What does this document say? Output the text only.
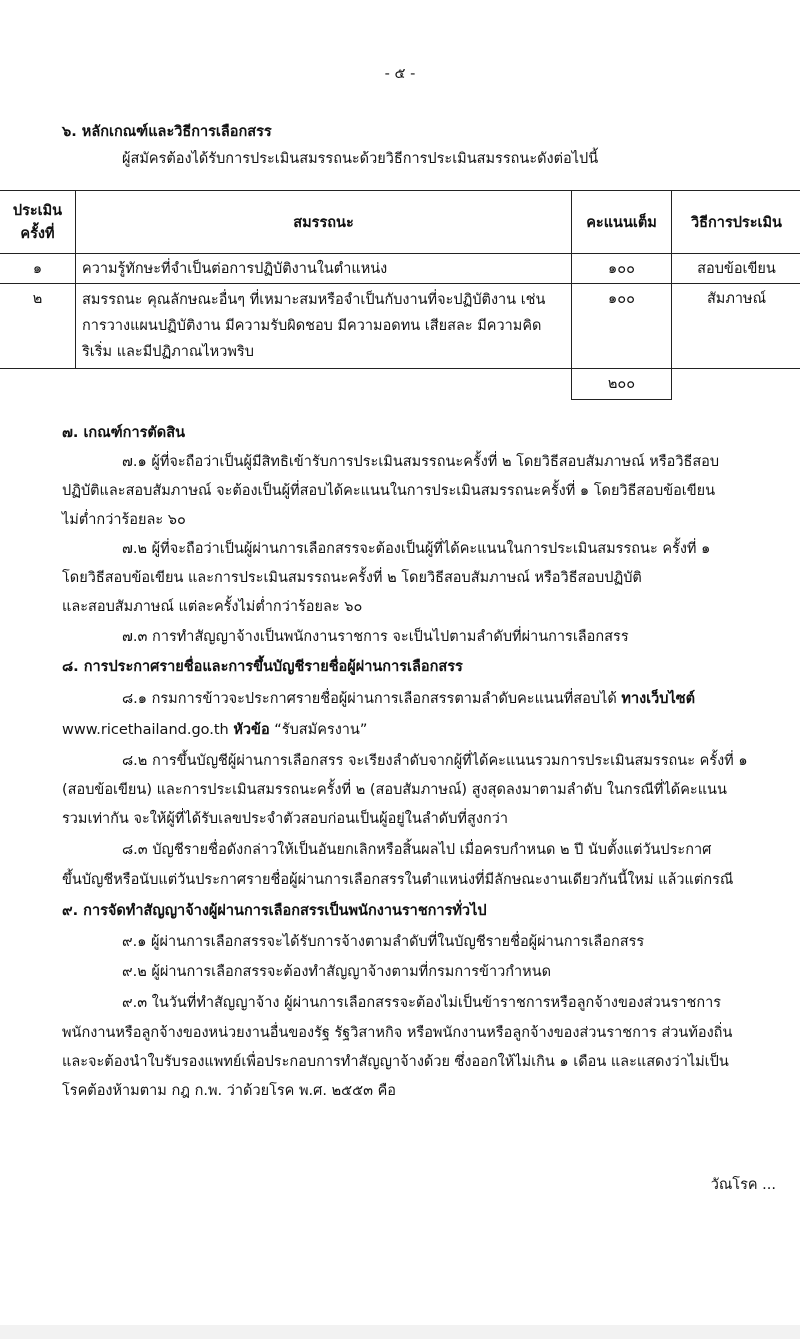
- ๕ -
๖. หลักเกณฑ์และวิธีการเลือกสรร
ผู้สมัครต้องได้รับการประเมินสมรรถนะด้วยวิธีการประเมินสมรรถนะดังต่อไปนี้
ประเมิน ครั้งที่	สมรรถนะ	คะแนนเต็ม	วิธีการประเมิน
๑	ความรู้ทักษะที่จำเป็นต่อการปฏิบัติงานในตำแหน่ง	๑๐๐	สอบข้อเขียน
๒	สมรรถนะ คุณลักษณะอื่นๆ ที่เหมาะสมหรือจำเป็นกับงานที่จะปฏิบัติงาน เช่น การวางแผนปฏิบัติงาน มีความรับผิดชอบ มีความอดทน เสียสละ มีความคิดริเริ่ม และมีปฏิภาณไหวพริบ	๑๐๐	สัมภาษณ์
		๒๐๐	
๗. เกณฑ์การตัดสิน
๗.๑ ผู้ที่จะถือว่าเป็นผู้มีสิทธิเข้ารับการประเมินสมรรถนะครั้งที่ ๒ โดยวิธีสอบสัมภาษณ์ หรือวิธีสอบ
ปฏิบัติและสอบสัมภาษณ์ จะต้องเป็นผู้ที่สอบได้คะแนนในการประเมินสมรรถนะครั้งที่ ๑ โดยวิธีสอบข้อเขียน
ไม่ต่ำกว่าร้อยละ ๖๐
๗.๒ ผู้ที่จะถือว่าเป็นผู้ผ่านการเลือกสรรจะต้องเป็นผู้ที่ได้คะแนนในการประเมินสมรรถนะ ครั้งที่ ๑
โดยวิธีสอบข้อเขียน และการประเมินสมรรถนะครั้งที่ ๒ โดยวิธีสอบสัมภาษณ์ หรือวิธีสอบปฏิบัติ
และสอบสัมภาษณ์ แต่ละครั้งไม่ต่ำกว่าร้อยละ ๖๐
๗.๓ การทำสัญญาจ้างเป็นพนักงานราชการ จะเป็นไปตามลำดับที่ผ่านการเลือกสรร
๘. การประกาศรายชื่อและการขึ้นบัญชีรายชื่อผู้ผ่านการเลือกสรร
๘.๑ กรมการข้าวจะประกาศรายชื่อผู้ผ่านการเลือกสรรตามลำดับคะแนนที่สอบได้ ทางเว็บไซต์
www.ricethailand.go.th หัวข้อ “รับสมัครงาน”
๘.๒ การขึ้นบัญชีผู้ผ่านการเลือกสรร จะเรียงลำดับจากผู้ที่ได้คะแนนรวมการประเมินสมรรถนะ ครั้งที่ ๑
(สอบข้อเขียน) และการประเมินสมรรถนะครั้งที่ ๒ (สอบสัมภาษณ์) สูงสุดลงมาตามลำดับ ในกรณีที่ได้คะแนน
รวมเท่ากัน จะให้ผู้ที่ได้รับเลขประจำตัวสอบก่อนเป็นผู้อยู่ในลำดับที่สูงกว่า
๘.๓ บัญชีรายชื่อดังกล่าวให้เป็นอันยกเลิกหรือสิ้นผลไป เมื่อครบกำหนด ๒ ปี นับตั้งแต่วันประกาศ
ขึ้นบัญชีหรือนับแต่วันประกาศรายชื่อผู้ผ่านการเลือกสรรในตำแหน่งที่มีลักษณะงานเดียวกันนี้ใหม่ แล้วแต่กรณี
๙. การจัดทำสัญญาจ้างผู้ผ่านการเลือกสรรเป็นพนักงานราชการทั่วไป
๙.๑ ผู้ผ่านการเลือกสรรจะได้รับการจ้างตามลำดับที่ในบัญชีรายชื่อผู้ผ่านการเลือกสรร
๙.๒ ผู้ผ่านการเลือกสรรจะต้องทำสัญญาจ้างตามที่กรมการข้าวกำหนด
๙.๓ ในวันที่ทำสัญญาจ้าง ผู้ผ่านการเลือกสรรจะต้องไม่เป็นข้าราชการหรือลูกจ้างของส่วนราชการ
พนักงานหรือลูกจ้างของหน่วยงานอื่นของรัฐ รัฐวิสาหกิจ หรือพนักงานหรือลูกจ้างของส่วนราชการ ส่วนท้องถิ่น
และจะต้องนำใบรับรองแพทย์เพื่อประกอบการทำสัญญาจ้างด้วย ซึ่งออกให้ไม่เกิน ๑ เดือน และแสดงว่าไม่เป็น
โรคต้องห้ามตาม กฎ ก.พ. ว่าด้วยโรค พ.ศ. ๒๕๕๓ คือ
วัณโรค ...
